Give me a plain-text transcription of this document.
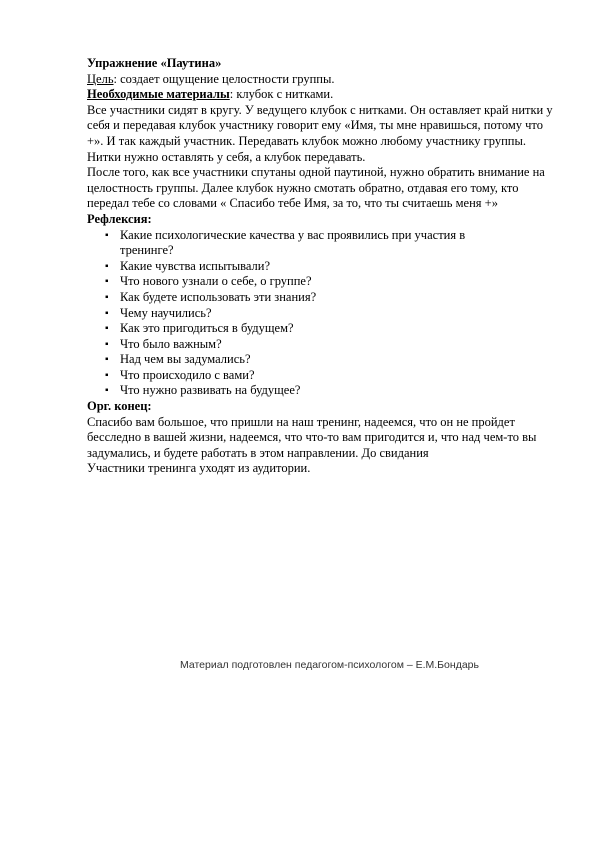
Упражнение «Паутина»

Цель: создает ощущение целостности группы.

Необходимые материалы: клубок с нитками.

Все участники сидят в кругу. У ведущего клубок с нитками. Он оставляет край нитки у себя и передавая клубок участнику говорит ему «Имя, ты мне нравишься, потому что +». И так каждый участник. Передавать клубок можно любому участнику группы. Нитки нужно оставлять у себя, а клубок передавать.

После того, как все участники спутаны одной паутиной, нужно обратить внимание на целостность группы. Далее клубок нужно смотать обратно, отдавая его тому, кто передал тебе со словами « Спасибо тебе Имя, за то, что ты считаешь меня +»

Рефлексия:

▪ Какие психологические качества у вас проявились при участия в тренинге?
▪ Какие чувства испытывали?
▪ Что нового узнали о себе, о группе?
▪ Как будете использовать эти знания?
▪ Чему научились?
▪ Как это пригодиться в будущем?
▪ Что было важным?
▪ Над чем вы задумались?
▪ Что происходило с вами?
▪ Что нужно развивать на будущее?

Орг. конец:

Спасибо вам большое, что пришли на наш тренинг, надеемся, что он не пройдет бесследно в вашей жизни, надеемся, что что-то вам пригодится и, что над чем-то вы задумались, и будете работать в этом направлении. До свидания

Участники тренинга уходят из аудитории.

Материал подготовлен педагогом-психологом – Е.М.Бондарь
